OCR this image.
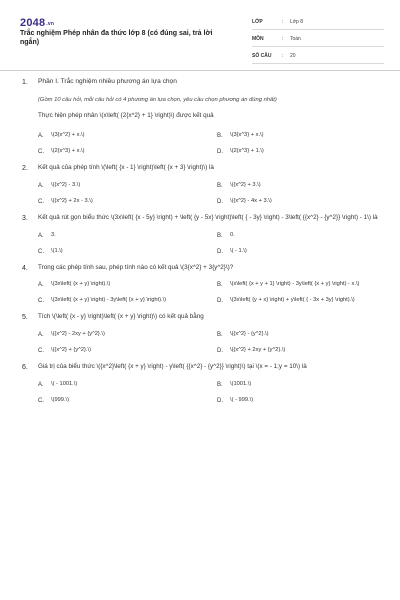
2048.vn
Trắc nghiệm Phép nhân đa thức lớp 8 (có đúng sai, trả lời ngắn)
LỚP	:	Lớp 8
MÔN	:	Toán
SỐ CÂU	:	20
1. Phần I. Trắc nghiệm nhiều phương án lựa chọn
(Gồm 10 câu hỏi, mỗi câu hỏi có 4 phương án lựa chọn, yêu cầu chọn phương án đúng nhất)
Thực hiện phép nhân \(x\left( {2{x^2} + 1} \right)\) được kết quả
A.	\(3{x^2} + x.\)	B.	\(3{x^3} + x.\)
C.	\(2{x^3} + x.\)	D.	\(2{x^3} + 1.\)
2. Kết quả của phép tính \(\left( {x - 1} \right)\left( {x + 3} \right)\) là
A.	\({x^2} - 3.\)	B.	\({x^2} + 3.\)
C.	\({x^2} + 2x - 3.\)	D.	\({x^2} - 4x + 3.\)
3. Kết quả rút gọn biểu thức \(3x\left( {x - 5y} \right) + \left( {y - 5x} \right)\left( { - 3y} \right) - 3\left( {{x^2} - {y^2}} \right) - 1\) là
A.	3.	B.	0.
C.	\(1.\)	D.	\( - 1.\)
4. Trong các phép tính sau, phép tính nào có kết quả \(3{x^2} + 3{y^2}\)?
A.	\(3x\left( {x + y} \right).\)	B.	\(x\left( {x + y + 1} \right) - 3y\left( {x + y} \right) - x.\)
C.	\(3x\left( {x + y} \right) - 3y\left( {x + y} \right).\)	D.	\(3x\left( {y + x} \right) + y\left( { - 3x + 3y} \right).\)
5. Tích \(\left( {x - y} \right)\left( {x + y} \right)\) có kết quả bằng
A.	\({x^2} - 2xy + {y^2}.\)	B.	\({x^2} - {y^2}.\)
C.	\({x^2} + {y^2}.\)	D.	\({x^2} + 2xy + {y^2}.\)
6. Giá trị của biểu thức \({x^2}\left( {x + y} \right) - y\left( {{x^2} - {y^2}} \right)\) tại \(x = - 1;y = 10\) là
A.	\( - 1001.\)	B.	\(1001.\)
C.	\(999.\)	D.	\( - 999.\)
